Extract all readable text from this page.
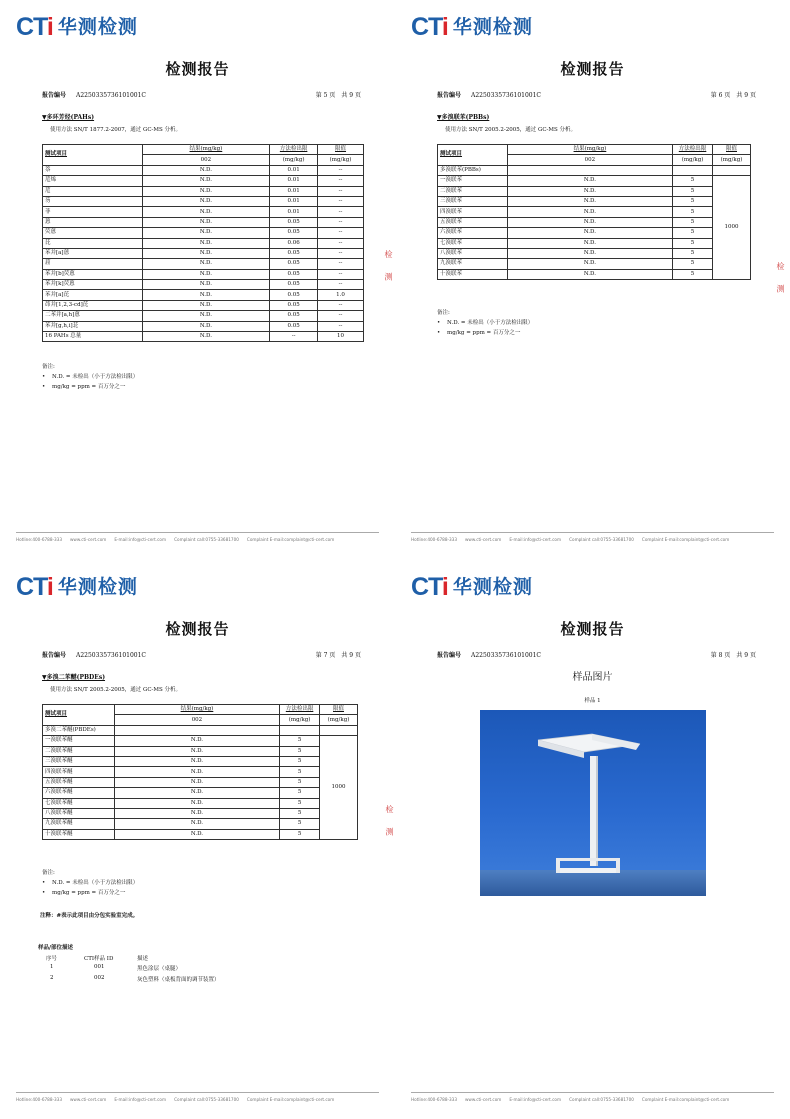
CTi 华测检测
检测报告
报告编号 A2250335736101001C	第 5 页　共 9 页
▼多环芳烃(PAHs)
使用方法 SN/T 1877.2-2007，通过 GC-MS 分析。
测试项目	结果(mg/kg)	方法检出限	限值
	002	(mg/kg)	(mg/kg)
萘	N.D.	0.01	--
苊烯	N.D.	0.01	--
苊	N.D.	0.01	--
芴	N.D.	0.01	--
菲	N.D.	0.01	--
蒽	N.D.	0.05	--
荧蒽	N.D.	0.05	--
芘	N.D.	0.06	--
苯并[a]蒽	N.D.	0.05	--
䓛	N.D.	0.05	--
苯并[b]荧蒽	N.D.	0.05	--
苯并[k]荧蒽	N.D.	0.05	--
苯并[a]芘	N.D.	0.05	1.0
茚并[1,2,3-cd]芘	N.D.	0.05	--
二苯并[a,h]蒽	N.D.	0.05	--
苯并[g,h,i]苝	N.D.	0.05	--
16 PAHs 总量	N.D.	--	10
备注:
• N.D. = 未检出（小于方法检出限）
• mg/kg = ppm = 百万分之一
检 测
Hotline:400-6788-333 www.cti-cert.com E-mail:info@cti-cert.com Complaint call:0755-33681700 Complaint E-mail:complaint@cti-cert.com
CTi 华测检测
检测报告
报告编号 A2250335736101001C	第 6 页　共 9 页
▼多溴联苯(PBBs)
使用方法 SN/T 2005.2-2005，通过 GC-MS 分析。
测试项目	结果(mg/kg)	方法检出限	限值
	002	(mg/kg)	(mg/kg)
多溴联苯(PBBs)			
一溴联苯	N.D.	5	1000
二溴联苯	N.D.	5	
三溴联苯	N.D.	5	
四溴联苯	N.D.	5	
五溴联苯	N.D.	5	
六溴联苯	N.D.	5	
七溴联苯	N.D.	5	
八溴联苯	N.D.	5	
九溴联苯	N.D.	5	
十溴联苯	N.D.	5	
备注:
• N.D. = 未检出（小于方法检出限）
• mg/kg = ppm = 百万分之一
检 测
Hotline:400-6788-333 www.cti-cert.com E-mail:info@cti-cert.com Complaint call:0755-33681700 Complaint E-mail:complaint@cti-cert.com
CTi 华测检测
检测报告
报告编号 A2250335736101001C	第 7 页　共 9 页
▼多溴二苯醚(PBDEs)
使用方法 SN/T 2005.2-2005，通过 GC-MS 分析。
测试项目	结果(mg/kg)	方法检出限	限值
	002	(mg/kg)	(mg/kg)
多溴二苯醚(PBDEs)			
一溴联苯醚	N.D.	5	1000
二溴联苯醚	N.D.	5	
三溴联苯醚	N.D.	5	
四溴联苯醚	N.D.	5	
五溴联苯醚	N.D.	5	
六溴联苯醚	N.D.	5	
七溴联苯醚	N.D.	5	
八溴联苯醚	N.D.	5	
九溴联苯醚	N.D.	5	
十溴联苯醚	N.D.	5	
备注:
• N.D. = 未检出（小于方法检出限）
• mg/kg = ppm = 百万分之一
注释：#表示此项目由分包实验室完成。
样品/部位描述
序号	CTI样品 ID	描述
1	001	黑色涂层（桌腿）
2	002	灰色塑料（桌板背面的调节装置）
检 测
Hotline:400-6788-333 www.cti-cert.com E-mail:info@cti-cert.com Complaint call:0755-33681700 Complaint E-mail:complaint@cti-cert.com
CTi 华测检测
检测报告
报告编号 A2250335736101001C	第 8 页　共 9 页
样品图片
样品 1
Hotline:400-6788-333 www.cti-cert.com E-mail:info@cti-cert.com Complaint call:0755-33681700 Complaint E-mail:complaint@cti-cert.com
